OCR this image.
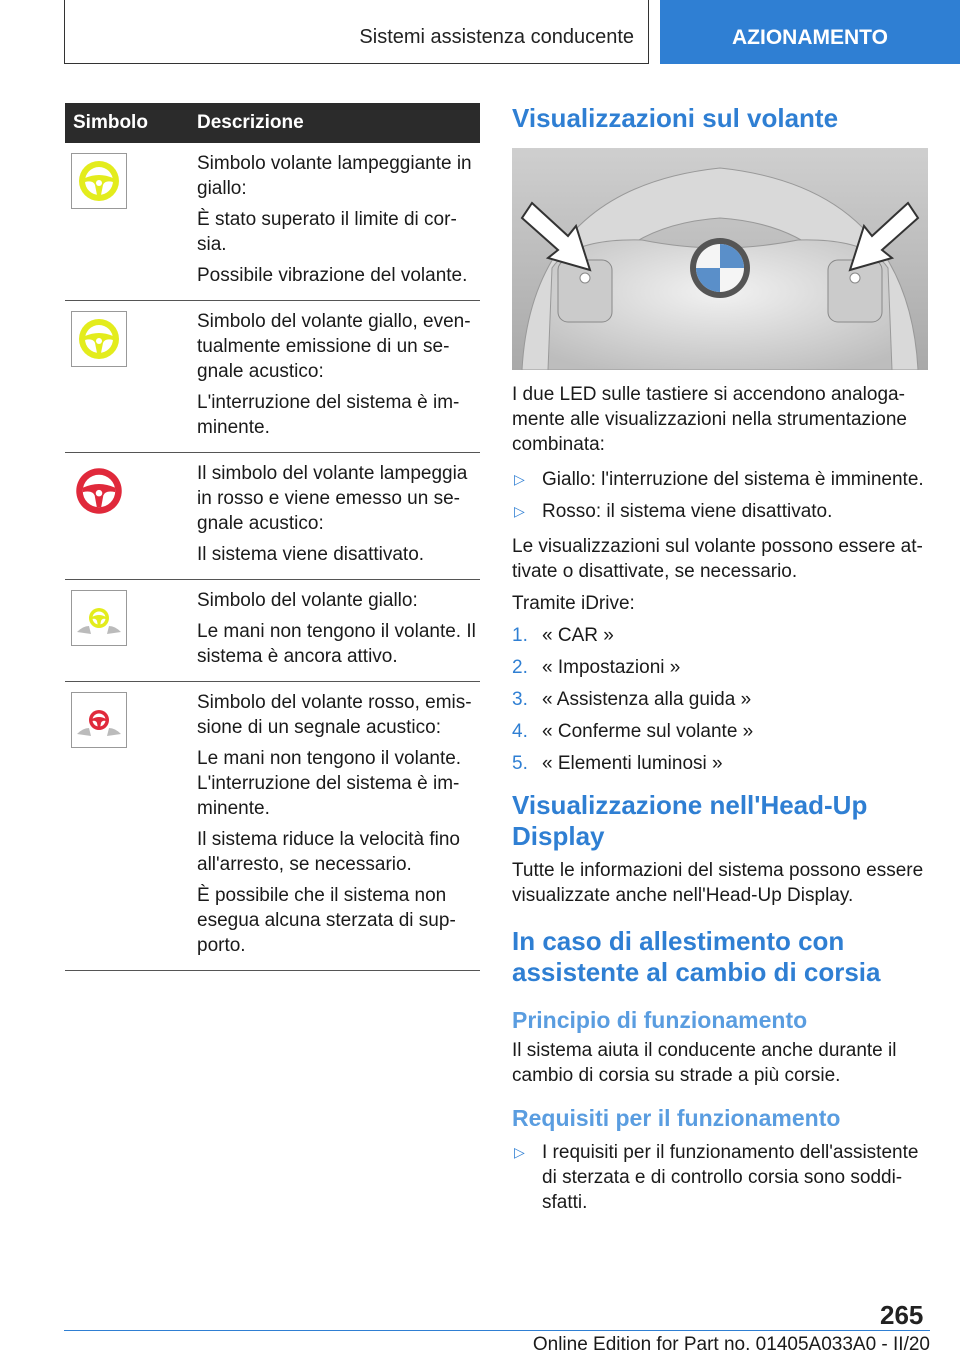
Sistemi assistenza conducente	AZIONAMENTO
Simbolo	Descrizione

Simbolo volante lampeggiante in giallo:

È stato superato il limite di cor-sia.

Possibile vibrazione del volante.

Simbolo del volante giallo, even-tualmente emissione di un se-gnale acustico:

L'interruzione del sistema è im-minente.

Il simbolo del volante lampeggia in rosso e viene emesso un se-gnale acustico:

Il sistema viene disattivato.

Simbolo del volante giallo:

Le mani non tengono il volante. Il sistema è ancora attivo.

Simbolo del volante rosso, emis-sione di un segnale acustico:

Le mani non tengono il volante. L'interruzione del sistema è im-minente.

Il sistema riduce la velocità fino all'arresto, se necessario.

È possibile che il sistema non esegua alcuna sterzata di sup-porto.

Visualizzazioni sul volante

I due LED sulle tastiere si accendono analoga-mente alle visualizzazioni nella strumentazione combinata:

▷ Giallo: l'interruzione del sistema è imminente.
▷ Rosso: il sistema viene disattivato.

Le visualizzazioni sul volante possono essere at-tivate o disattivate, se necessario.

Tramite iDrive:

1. « CAR »
2. « Impostazioni »
3. « Assistenza alla guida »
4. « Conferme sul volante »
5. « Elementi luminosi »
Visualizzazione nell'Head-Up Display

Tutte le informazioni del sistema possono essere visualizzate anche nell'Head-Up Display.

In caso di allestimento con assistente al cambio di corsia
Principio di funzionamento

Il sistema aiuta il conducente anche durante il cambio di corsia su strade a più corsie.

Requisiti per il funzionamento
▷ I requisiti per il funzionamento dell'assistente di sterzata e di controllo corsia sono soddi-sfatti.
265
Online Edition for Part no. 01405A033A0 - II/20
